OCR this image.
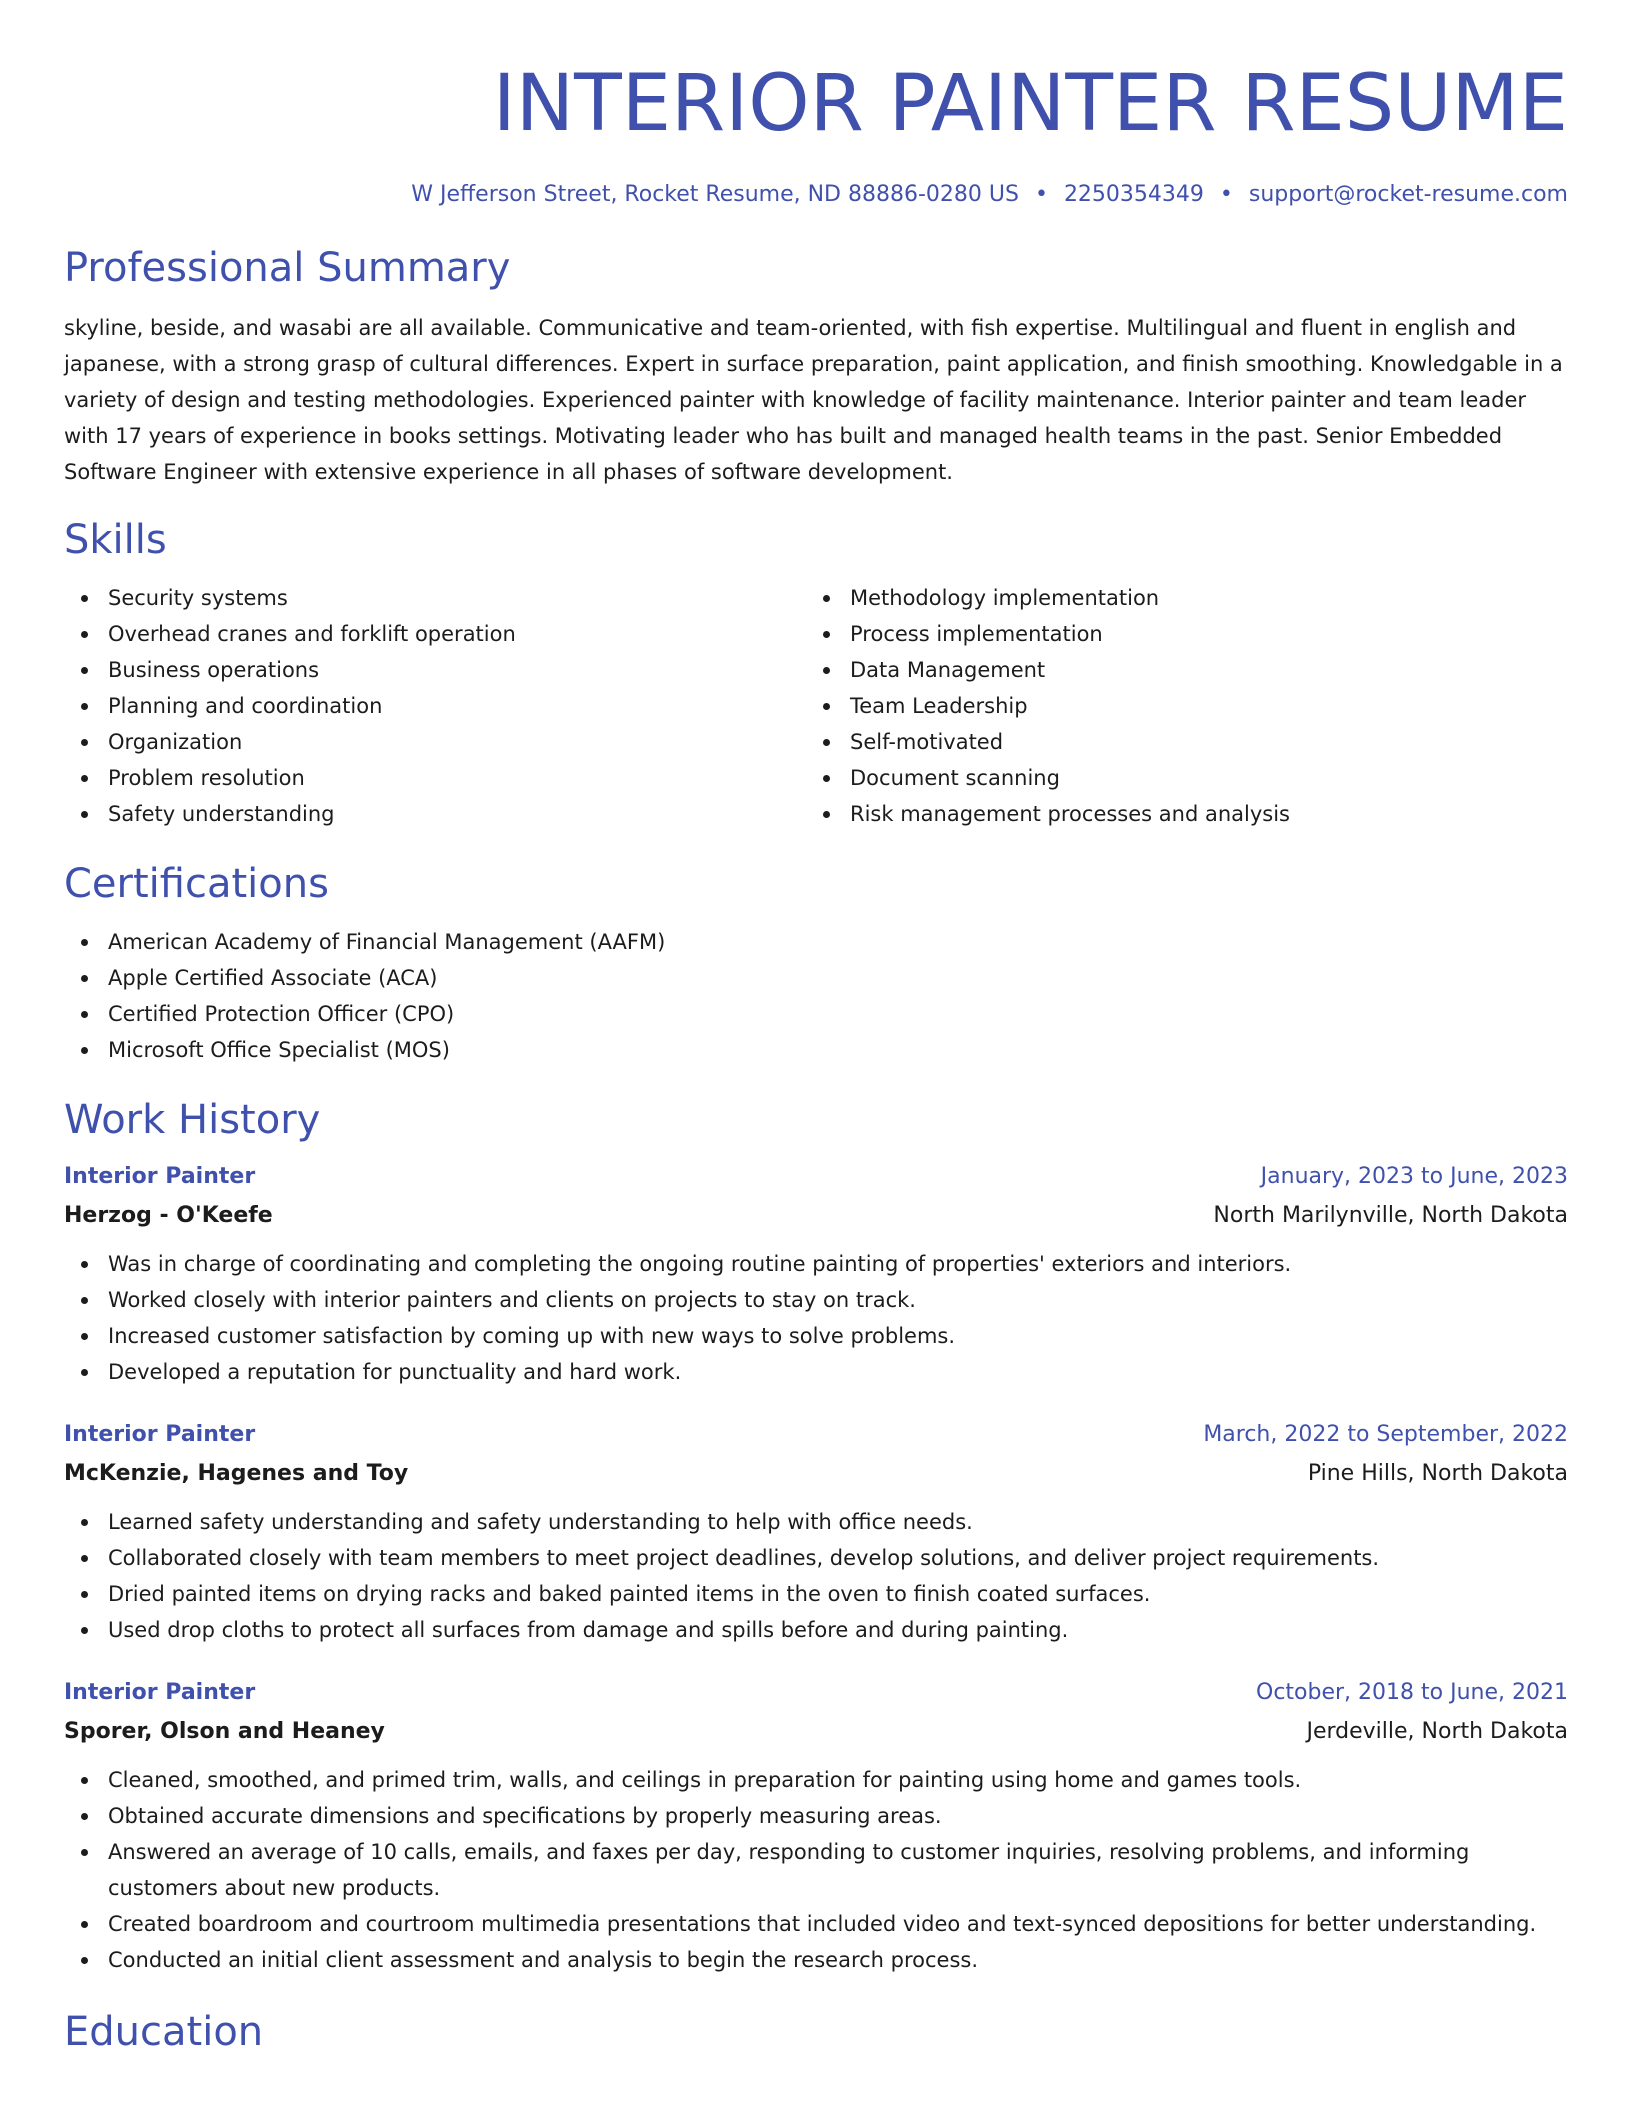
INTERIOR PAINTER RESUME
W Jefferson Street, Rocket Resume, ND 88886-0280 US • 2250354349 • support@rocket-resume.com
Professional Summary

skyline, beside, and wasabi are all available. Communicative and team-oriented, with fish expertise. Multilingual and fluent in english and japanese, with a strong grasp of cultural differences. Expert in surface preparation, paint application, and finish smoothing. Knowledgable in a variety of design and testing methodologies. Experienced painter with knowledge of facility maintenance. Interior painter and team leader with 17 years of experience in books settings. Motivating leader who has built and managed health teams in the past. Senior Embedded Software Engineer with extensive experience in all phases of software development.

Skills
Security systems
Overhead cranes and forklift operation
Business operations
Planning and coordination
Organization
Problem resolution
Safety understanding
Methodology implementation
Process implementation
Data Management
Team Leadership
Self-motivated
Document scanning
Risk management processes and analysis
Certifications
American Academy of Financial Management (AAFM)
Apple Certified Associate (ACA)
Certified Protection Officer (CPO)
Microsoft Office Specialist (MOS)
Work History
Interior Painter	January, 2023 to June, 2023
Herzog - O'Keefe	North Marilynville, North Dakota
Was in charge of coordinating and completing the ongoing routine painting of properties' exteriors and interiors.
Worked closely with interior painters and clients on projects to stay on track.
Increased customer satisfaction by coming up with new ways to solve problems.
Developed a reputation for punctuality and hard work.
Interior Painter	March, 2022 to September, 2022
McKenzie, Hagenes and Toy	Pine Hills, North Dakota
Learned safety understanding and safety understanding to help with office needs.
Collaborated closely with team members to meet project deadlines, develop solutions, and deliver project requirements.
Dried painted items on drying racks and baked painted items in the oven to finish coated surfaces.
Used drop cloths to protect all surfaces from damage and spills before and during painting.
Interior Painter	October, 2018 to June, 2021
Sporer, Olson and Heaney	Jerdeville, North Dakota
Cleaned, smoothed, and primed trim, walls, and ceilings in preparation for painting using home and games tools.
Obtained accurate dimensions and specifications by properly measuring areas.
Answered an average of 10 calls, emails, and faxes per day, responding to customer inquiries, resolving problems, and informing customers about new products.
Created boardroom and courtroom multimedia presentations that included video and text-synced depositions for better understanding.
Conducted an initial client assessment and analysis to begin the research process.
Education
